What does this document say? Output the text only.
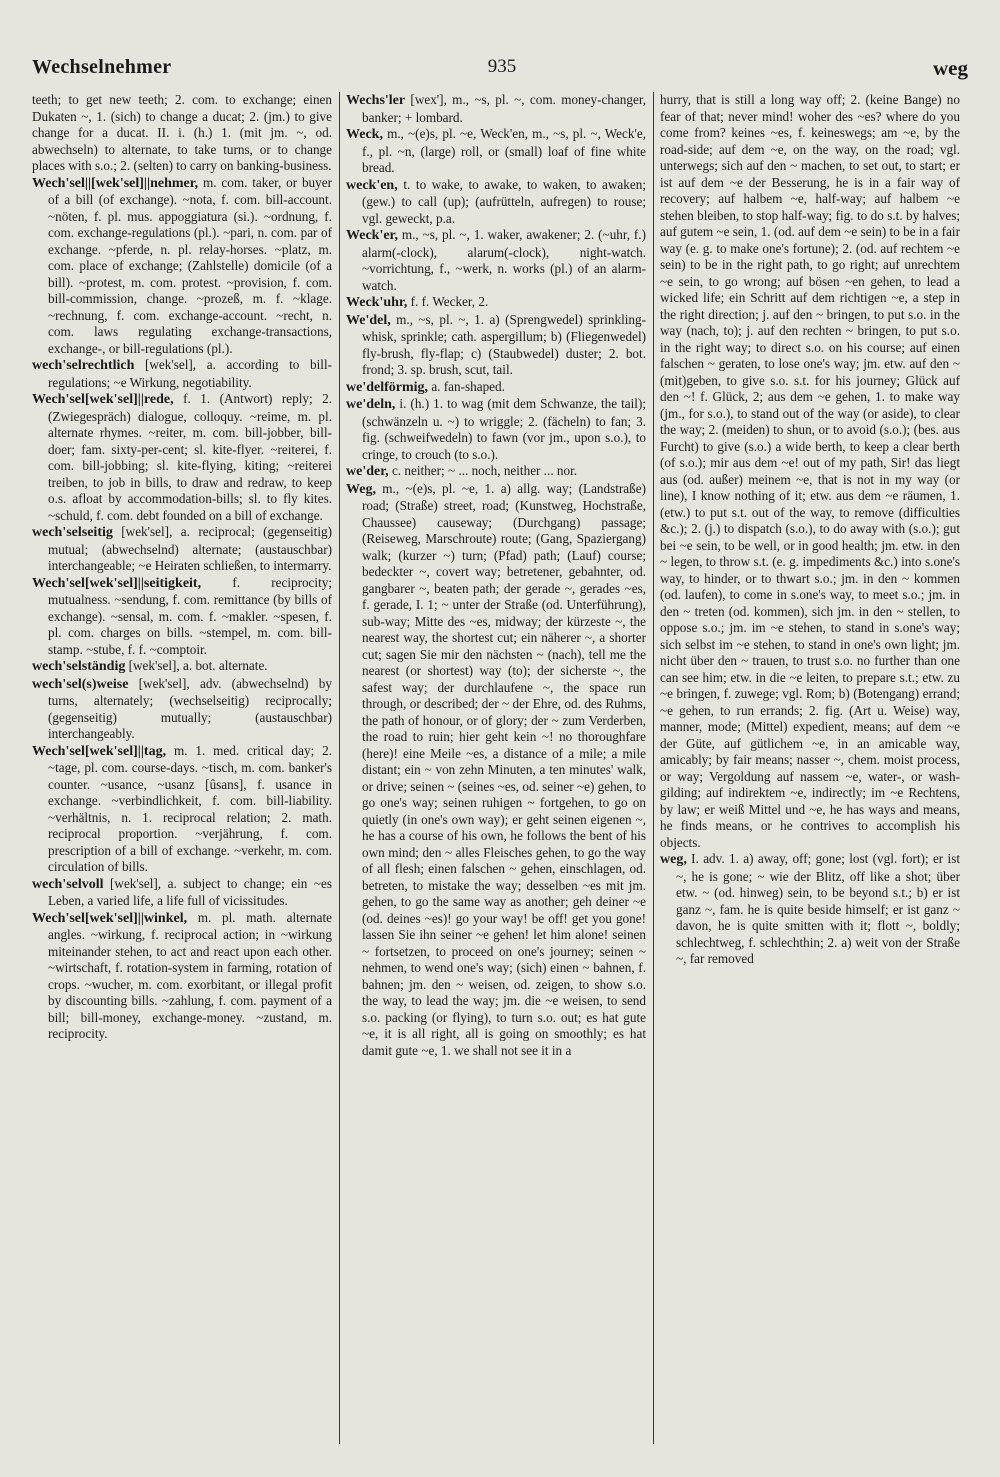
Wechselnehmer	935	weg

teeth; to get new teeth; 2. com. to exchange; einen Dukaten ~, 1. (sich) to change a ducat; 2. (jm.) to give change for a ducat. II. i. (h.) 1. (mit jm. ~, od. abwechseln) to alternate, to take turns, or to change places with s.o.; 2. (selten) to carry on banking-business.

Wech'sel||[wek'sel]||nehmer, m. com. taker, or buyer of a bill (of exchange). ~nota, f. com. bill-account. ~nöten, f. pl. mus. appoggiatura (si.). ~ordnung, f. com. exchange-regulations (pl.). ~pari, n. com. par of exchange. ~pferde, n. pl. relay-horses. ~platz, m. com. place of exchange; (Zahlstelle) domicile (of a bill). ~protest, m. com. protest. ~provision, f. com. bill-commission, change. ~prozeß, m. f. ~klage. ~rechnung, f. com. exchange-account. ~recht, n. com. laws regulating exchange-transactions, exchange-, or bill-regulations (pl.).

wech'selrechtlich [wek'sel], a. according to bill-regulations; ~e Wirkung, negotiability.

Wech'sel[wek'sel]||rede, f. 1. (Antwort) reply; 2. (Zwiegespräch) dialogue, colloquy. ~reime, m. pl. alternate rhymes. ~reiter, m. com. bill-jobber, bill-doer; fam. sixty-per-cent; sl. kite-flyer. ~reiterei, f. com. bill-jobbing; sl. kite-flying, kiting; ~reiterei treiben, to job in bills, to draw and redraw, to keep o.s. afloat by accommodation-bills; sl. to fly kites. ~schuld, f. com. debt founded on a bill of exchange.

wech'selseitig [wek'sel], a. reciprocal; (gegenseitig) mutual; (abwechselnd) alternate; (austauschbar) interchangeable; ~e Heiraten schließen, to intermarry.

Wech'sel[wek'sel]||seitigkeit, f. reciprocity; mutualness. ~sendung, f. com. remittance (by bills of exchange). ~sensal, m. com. f. ~makler. ~spesen, f. pl. com. charges on bills. ~stempel, m. com. bill-stamp. ~stube, f. f. ~comptoir.

wech'selständig [wek'sel], a. bot. alternate.

wech'sel(s)weise [wek'sel], adv. (abwechselnd) by turns, alternately; (wechselseitig) reciprocally; (gegenseitig) mutually; (austauschbar) interchangeably.

Wech'sel[wek'sel]||tag, m. 1. med. critical day; 2. ~tage, pl. com. course-days. ~tisch, m. com. banker's counter. ~usance, ~usanz [ûsans], f. usance in exchange. ~verbindlichkeit, f. com. bill-liability. ~verhältnis, n. 1. reciprocal relation; 2. math. reciprocal proportion. ~verjährung, f. com. prescription of a bill of exchange. ~verkehr, m. com. circulation of bills.

wech'selvoll [wek'sel], a. subject to change; ein ~es Leben, a varied life, a life full of vicissitudes.

Wech'sel[wek'sel]||winkel, m. pl. math. alternate angles. ~wirkung, f. reciprocal action; in ~wirkung miteinander stehen, to act and react upon each other. ~wirtschaft, f. rotation-system in farming, rotation of crops. ~wucher, m. com. exorbitant, or illegal profit by discounting bills. ~zahlung, f. com. payment of a bill; bill-money, exchange-money. ~zustand, m. reciprocity.

Wechs'ler [wex'], m., ~s, pl. ~, com. money-changer, banker; + lombard.

Weck, m., ~(e)s, pl. ~e, Weck'en, m., ~s, pl. ~, Weck'e, f., pl. ~n, (large) roll, or (small) loaf of fine white bread.

weck'en, t. to wake, to awake, to waken, to awaken; (gew.) to call (up); (aufrütteln, aufregen) to rouse; vgl. geweckt, p.a.

Weck'er, m., ~s, pl. ~, 1. waker, awakener; 2. (~uhr, f.) alarm(-clock), alarum(-clock), night-watch. ~vorrichtung, f., ~werk, n. works (pl.) of an alarm-watch.

Weck'uhr, f. f. Wecker, 2.

We'del, m., ~s, pl. ~, 1. a) (Sprengwedel) sprinkling-whisk, sprinkle; cath. aspergillum; b) (Fliegenwedel) fly-brush, fly-flap; c) (Staubwedel) duster; 2. bot. frond; 3. sp. brush, scut, tail.

we'delförmig, a. fan-shaped.

we'deln, i. (h.) 1. to wag (mit dem Schwanze, the tail); (schwänzeln u. ~) to wriggle; 2. (fächeln) to fan; 3. fig. (schweifwedeln) to fawn (vor jm., upon s.o.), to cringe, to crouch (to s.o.).

we'der, c. neither; ~ ... noch, neither ... nor.

Weg, m., ~(e)s, pl. ~e, 1. a) allg. way; (Landstraße) road; (Straße) street, road; (Kunstweg, Hochstraße, Chaussee) causeway; (Durchgang) passage; (Reiseweg, Marschroute) route; (Gang, Spaziergang) walk; (kurzer ~) turn; (Pfad) path; (Lauf) course; bedeckter ~, covert way; betretener, gebahnter, od. gangbarer ~, beaten path; der gerade ~, gerades ~es, f. gerade, I. 1; ~ unter der Straße (od. Unterführung), sub-way; Mitte des ~es, midway; der kürzeste ~, the nearest way, the shortest cut; ein näherer ~, a shorter cut; sagen Sie mir den nächsten ~ (nach), tell me the nearest (or shortest) way (to); der sicherste ~, the safest way; der durchlaufene ~, the space run through, or described; der ~ der Ehre, od. des Ruhms, the path of honour, or of glory; der ~ zum Verderben, the road to ruin; hier geht kein ~! no thoroughfare (here)! eine Meile ~es, a distance of a mile; a mile distant; ein ~ von zehn Minuten, a ten minutes' walk, or drive; seinen ~ (seines ~es, od. seiner ~e) gehen, to go one's way; seinen ruhigen ~ fortgehen, to go on quietly (in one's own way); er geht seinen eigenen ~, he has a course of his own, he follows the bent of his own mind; den ~ alles Fleisches gehen, to go the way of all flesh; einen falschen ~ gehen, einschlagen, od. betreten, to mistake the way; desselben ~es mit jm. gehen, to go the same way as another; geh deiner ~e (od. deines ~es)! go your way! be off! get you gone! lassen Sie ihn seiner ~e gehen! let him alone! seinen ~ fortsetzen, to proceed on one's journey; seinen ~ nehmen, to wend one's way; (sich) einen ~ bahnen, f. bahnen; jm. den ~ weisen, od. zeigen, to show s.o. the way, to lead the way; jm. die ~e weisen, to send s.o. packing (or flying), to turn s.o. out; es hat gute ~e, it is all right, all is going on smoothly; es hat damit gute ~e, 1. we shall not see it in a

hurry, that is still a long way off; 2. (keine Bange) no fear of that; never mind! woher des ~es? where do you come from? keines ~es, f. keineswegs; am ~e, by the road-side; auf dem ~e, on the way, on the road; vgl. unterwegs; sich auf den ~ machen, to set out, to start; er ist auf dem ~e der Besserung, he is in a fair way of recovery; auf halbem ~e, half-way; auf halbem ~e stehen bleiben, to stop half-way; fig. to do s.t. by halves; auf gutem ~e sein, 1. (od. auf dem ~e sein) to be in a fair way (e. g. to make one's fortune); 2. (od. auf rechtem ~e sein) to be in the right path, to go right; auf unrechtem ~e sein, to go wrong; auf bösen ~en gehen, to lead a wicked life; ein Schritt auf dem richtigen ~e, a step in the right direction; j. auf den ~ bringen, to put s.o. in the way (nach, to); j. auf den rechten ~ bringen, to put s.o. in the right way; to direct s.o. on his course; auf einen falschen ~ geraten, to lose one's way; jm. etw. auf den ~ (mit)geben, to give s.o. s.t. for his journey; Glück auf den ~! f. Glück, 2; aus dem ~e gehen, 1. to make way (jm., for s.o.), to stand out of the way (or aside), to clear the way; 2. (meiden) to shun, or to avoid (s.o.); (bes. aus Furcht) to give (s.o.) a wide berth, to keep a clear berth (of s.o.); mir aus dem ~e! out of my path, Sir! das liegt aus (od. außer) meinem ~e, that is not in my way (or line), I know nothing of it; etw. aus dem ~e räumen, 1. (etw.) to put s.t. out of the way, to remove (difficulties &c.); 2. (j.) to dispatch (s.o.), to do away with (s.o.); gut bei ~e sein, to be well, or in good health; jm. etw. in den ~ legen, to throw s.t. (e. g. impediments &c.) into s.one's way, to hinder, or to thwart s.o.; jm. in den ~ kommen (od. laufen), to come in s.one's way, to meet s.o.; jm. in den ~ treten (od. kommen), sich jm. in den ~ stellen, to oppose s.o.; jm. im ~e stehen, to stand in s.one's way; sich selbst im ~e stehen, to stand in one's own light; jm. nicht über den ~ trauen, to trust s.o. no further than one can see him; etw. in die ~e leiten, to prepare s.t.; etw. zu ~e bringen, f. zuwege; vgl. Rom; b) (Botengang) errand; ~e gehen, to run errands; 2. fig. (Art u. Weise) way, manner, mode; (Mittel) expedient, means; auf dem ~e der Güte, auf gütlichem ~e, in an amicable way, amicably; by fair means; nasser ~, chem. moist process, or way; Vergoldung auf nassem ~e, water-, or wash-gilding; auf indirektem ~e, indirectly; im ~e Rechtens, by law; er weiß Mittel und ~e, he has ways and means, he finds means, or he contrives to accomplish his objects.

weg, I. adv. 1. a) away, off; gone; lost (vgl. fort); er ist ~, he is gone; ~ wie der Blitz, off like a shot; über etw. ~ (od. hinweg) sein, to be beyond s.t.; b) er ist ganz ~, fam. he is quite beside himself; er ist ganz ~ davon, he is quite smitten with it; flott ~, boldly; schlechtweg, f. schlechthin; 2. a) weit von der Straße ~, far removed
